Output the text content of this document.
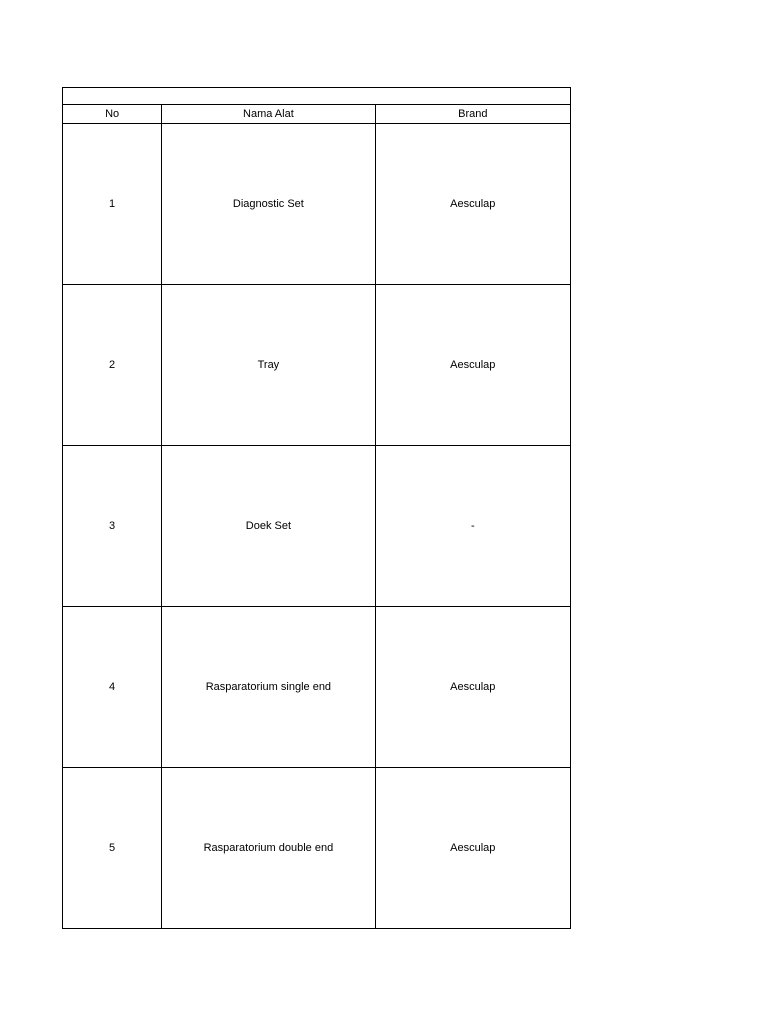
No	Nama Alat	Brand
1	Diagnostic Set	Aesculap
2	Tray	Aesculap
3	Doek Set	-
4	Rasparatorium single end	Aesculap
5	Rasparatorium double end	Aesculap
